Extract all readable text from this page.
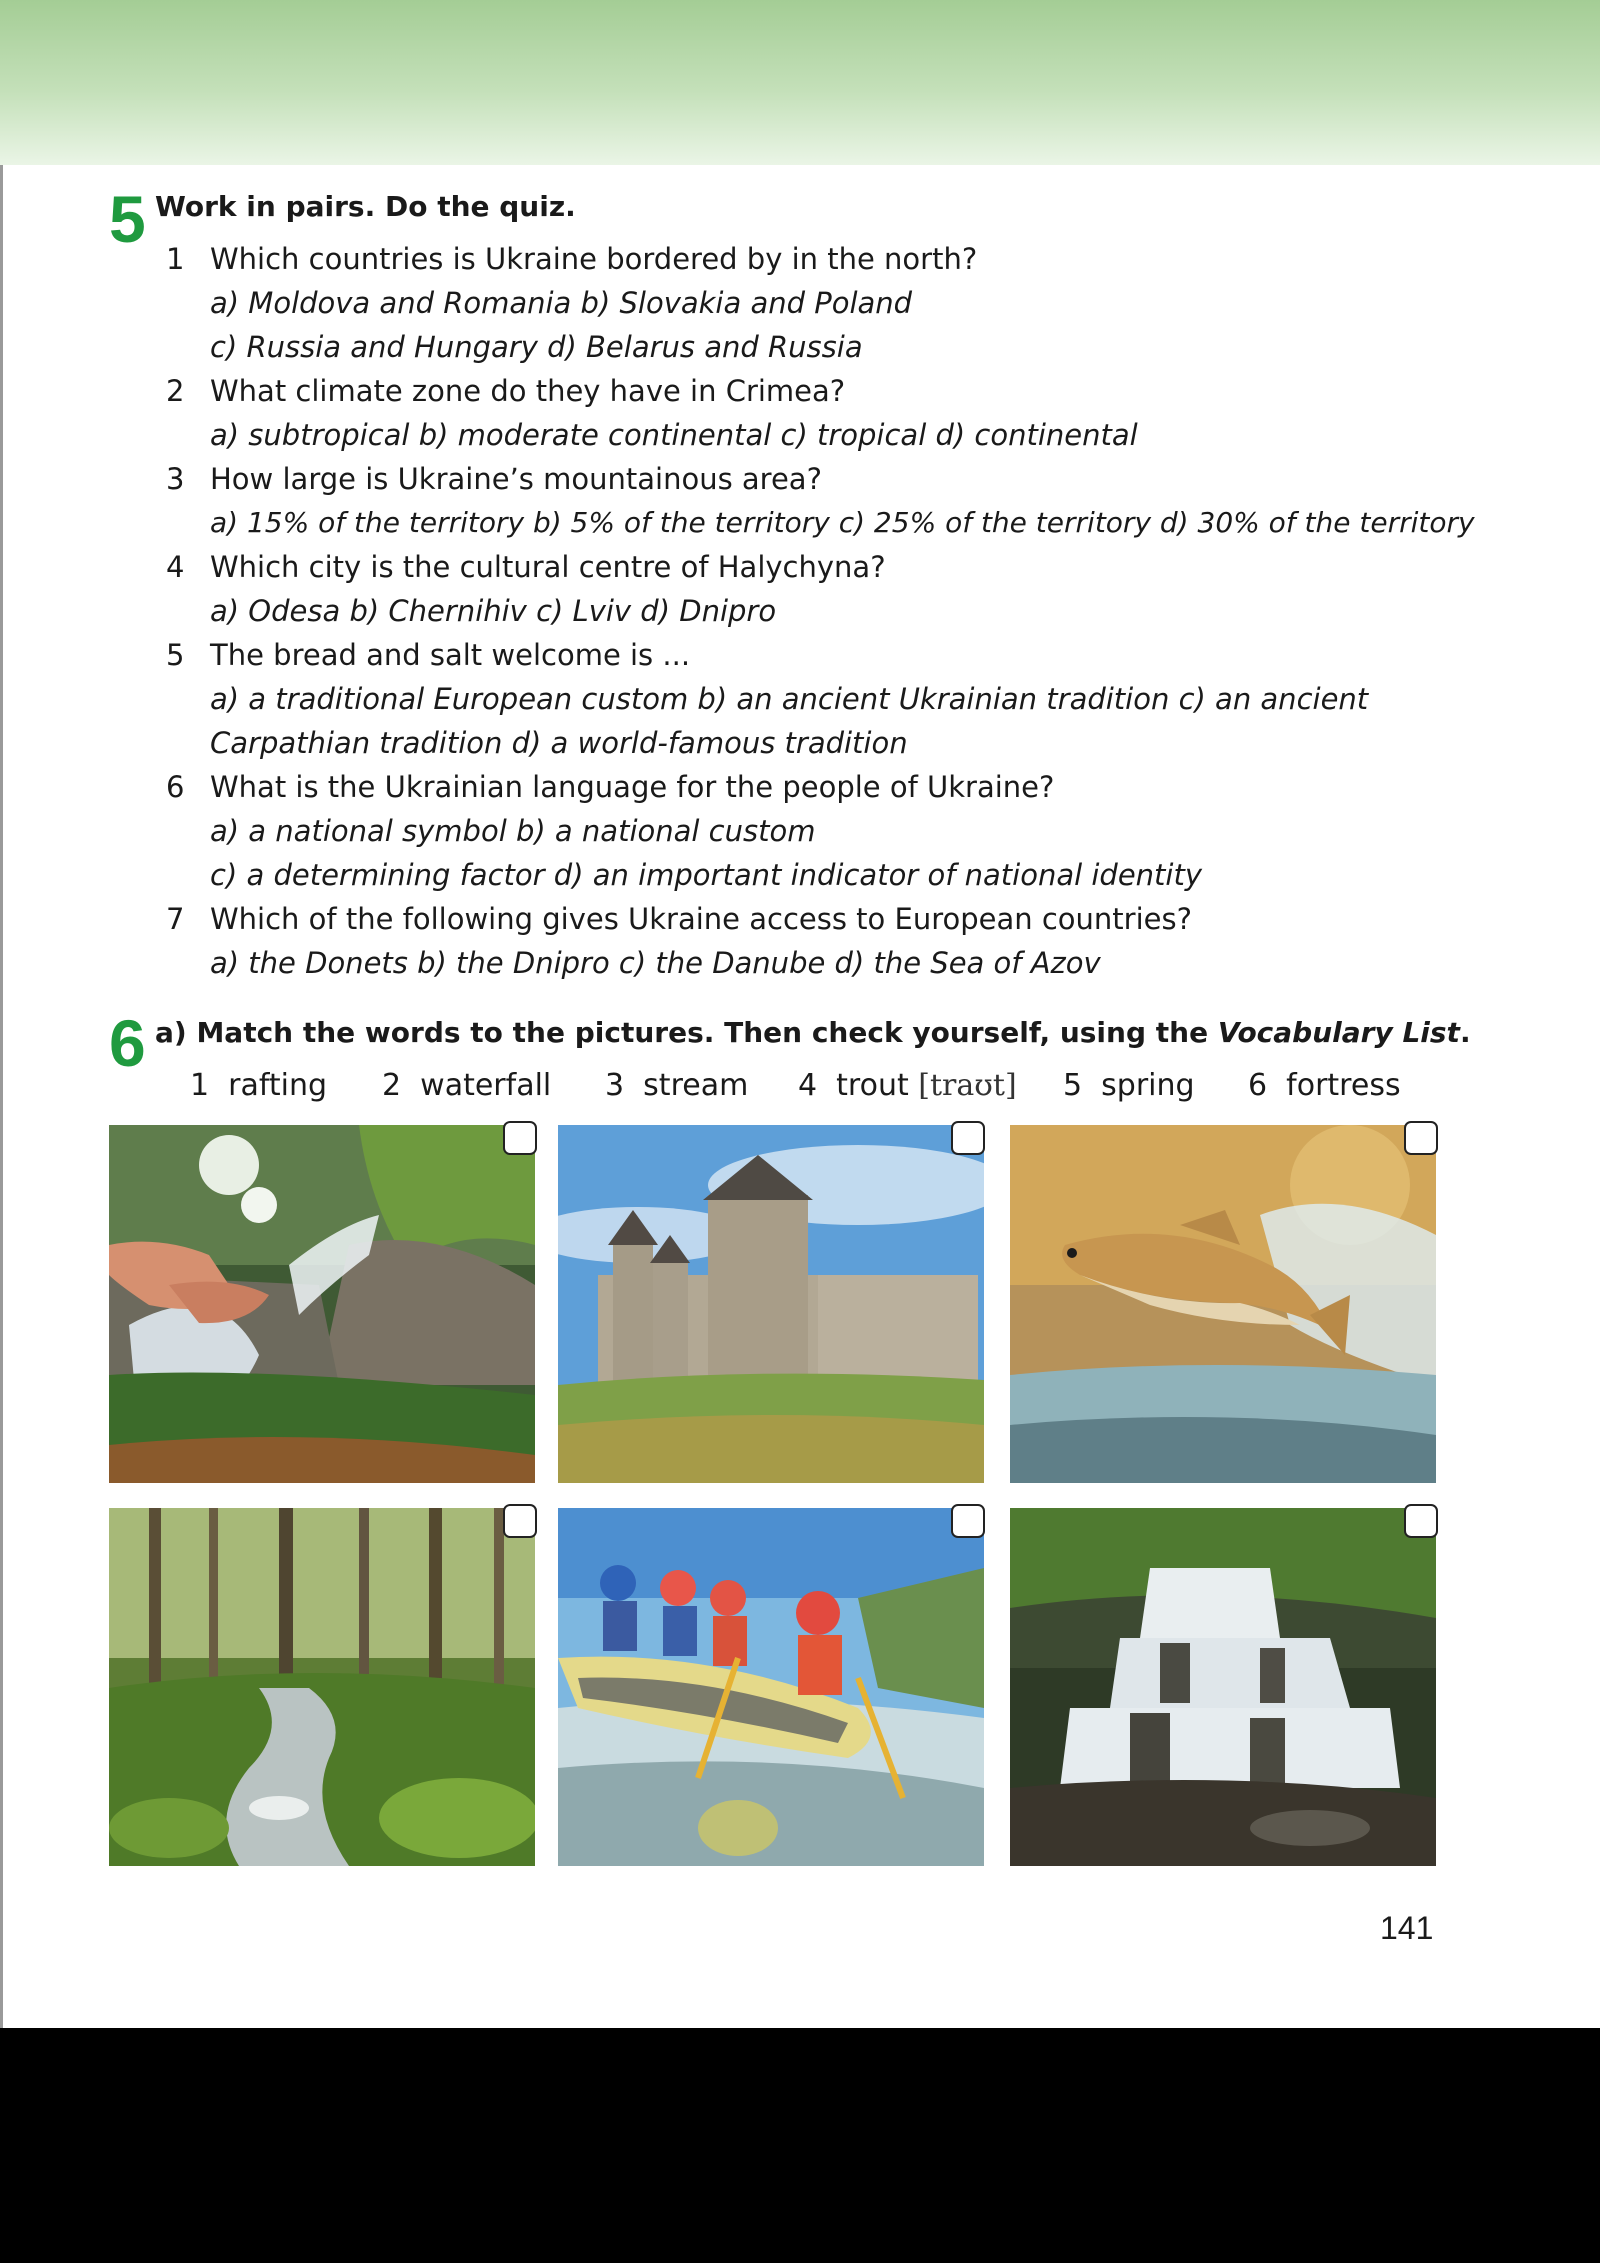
5 Work in pairs. Do the quiz.
1 Which countries is Ukraine bordered by in the north?
a) Moldova and Romania b) Slovakia and Poland
c) Russia and Hungary d) Belarus and Russia
2 What climate zone do they have in Crimea?
a) subtropical b) moderate continental c) tropical d) continental
3 How large is Ukraine’s mountainous area?
a) 15% of the territory b) 5% of the territory c) 25% of the territory d) 30% of the territory
4 Which city is the cultural centre of Halychyna?
a) Odesa b) Chernihiv c) Lviv d) Dnipro
5 The bread and salt welcome is ...
a) a traditional European custom b) an ancient Ukrainian tradition c) an ancient
Carpathian tradition d) a world-famous tradition
6 What is the Ukrainian language for the people of Ukraine?
a) a national symbol b) a national custom
c) a determining factor d) an important indicator of national identity
7 Which of the following gives Ukraine access to European countries?
a) the Donets b) the Dnipro c) the Danube d) the Sea of Azov
6 a) Match the words to the pictures. Then check yourself, using the Vocabulary List.
1 rafting 2 waterfall 3 stream 4 trout [traʊt] 5 spring 6 fortress
141
